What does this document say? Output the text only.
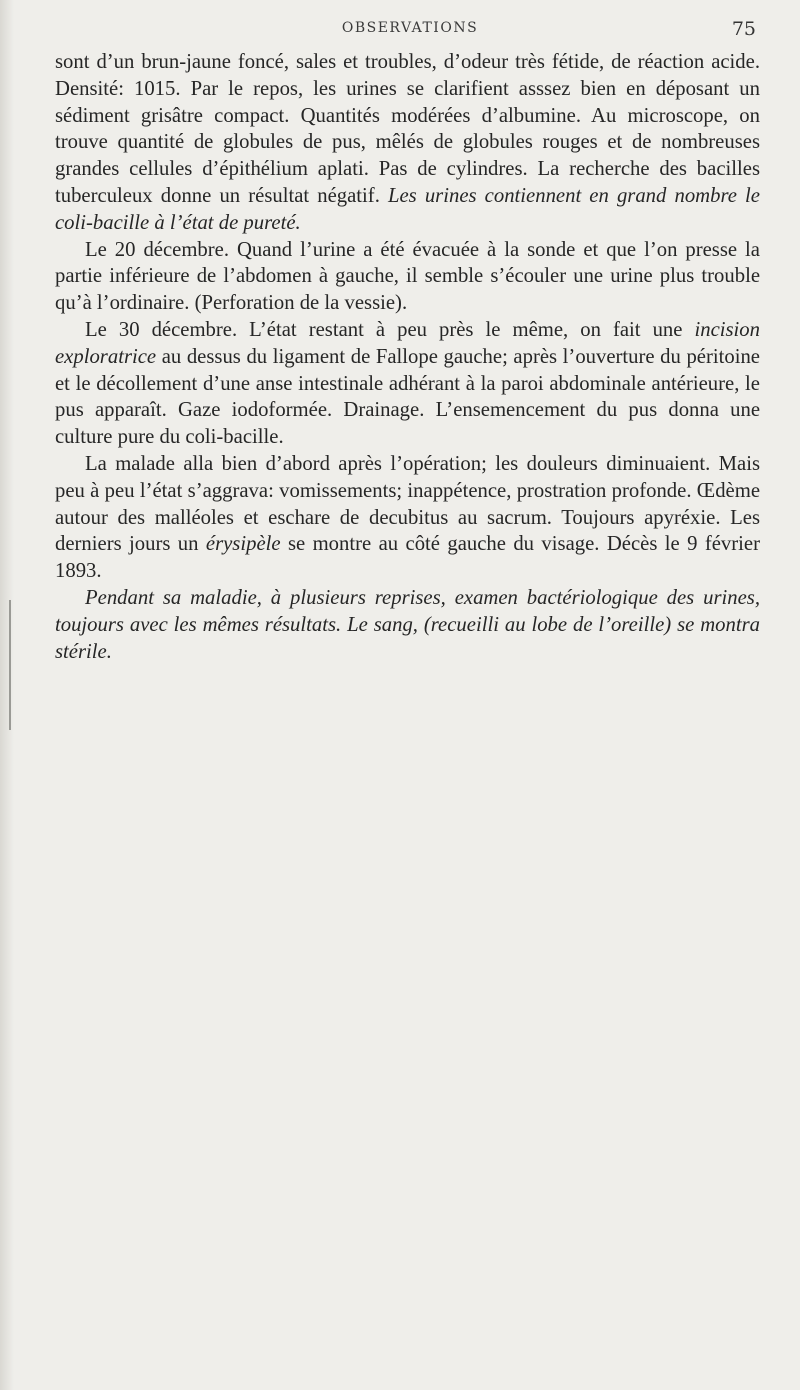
OBSERVATIONS	75

sont d’un brun-jaune foncé, sales et troubles, d’odeur très fétide, de réaction acide. Densité: 1015. Par le repos, les urines se clarifient asssez bien en déposant un sédiment grisâtre compact. Quantités modérées d’albumine. Au microscope, on trouve quantité de globules de pus, mêlés de globules rouges et de nombreuses grandes cellules d’épithélium aplati. Pas de cylindres. La recherche des bacilles tuberculeux donne un résultat négatif. Les urines contiennent en grand nombre le coli-bacille à l’état de pureté.

Le 20 décembre. Quand l’urine a été évacuée à la sonde et que l’on presse la partie inférieure de l’abdomen à gauche, il semble s’écouler une urine plus trouble qu’à l’ordinaire. (Perforation de la vessie).

Le 30 décembre. L’état restant à peu près le même, on fait une incision exploratrice au dessus du ligament de Fallope gauche; après l’ouverture du péritoine et le décollement d’une anse intestinale adhérant à la paroi abdominale antérieure, le pus apparaît. Gaze iodoformée. Drainage. L’ensemencement du pus donna une culture pure du coli-bacille.

La malade alla bien d’abord après l’opération; les douleurs diminuaient. Mais peu à peu l’état s’aggrava: vomissements; inappétence, prostration profonde. Œdème autour des malléoles et eschare de decubitus au sacrum. Toujours apyréxie. Les derniers jours un érysipèle se montre au côté gauche du visage. Décès le 9 février 1893.

Pendant sa maladie, à plusieurs reprises, examen bactériologique des urines, toujours avec les mêmes résultats. Le sang, (recueilli au lobe de l’oreille) se montra stérile.
